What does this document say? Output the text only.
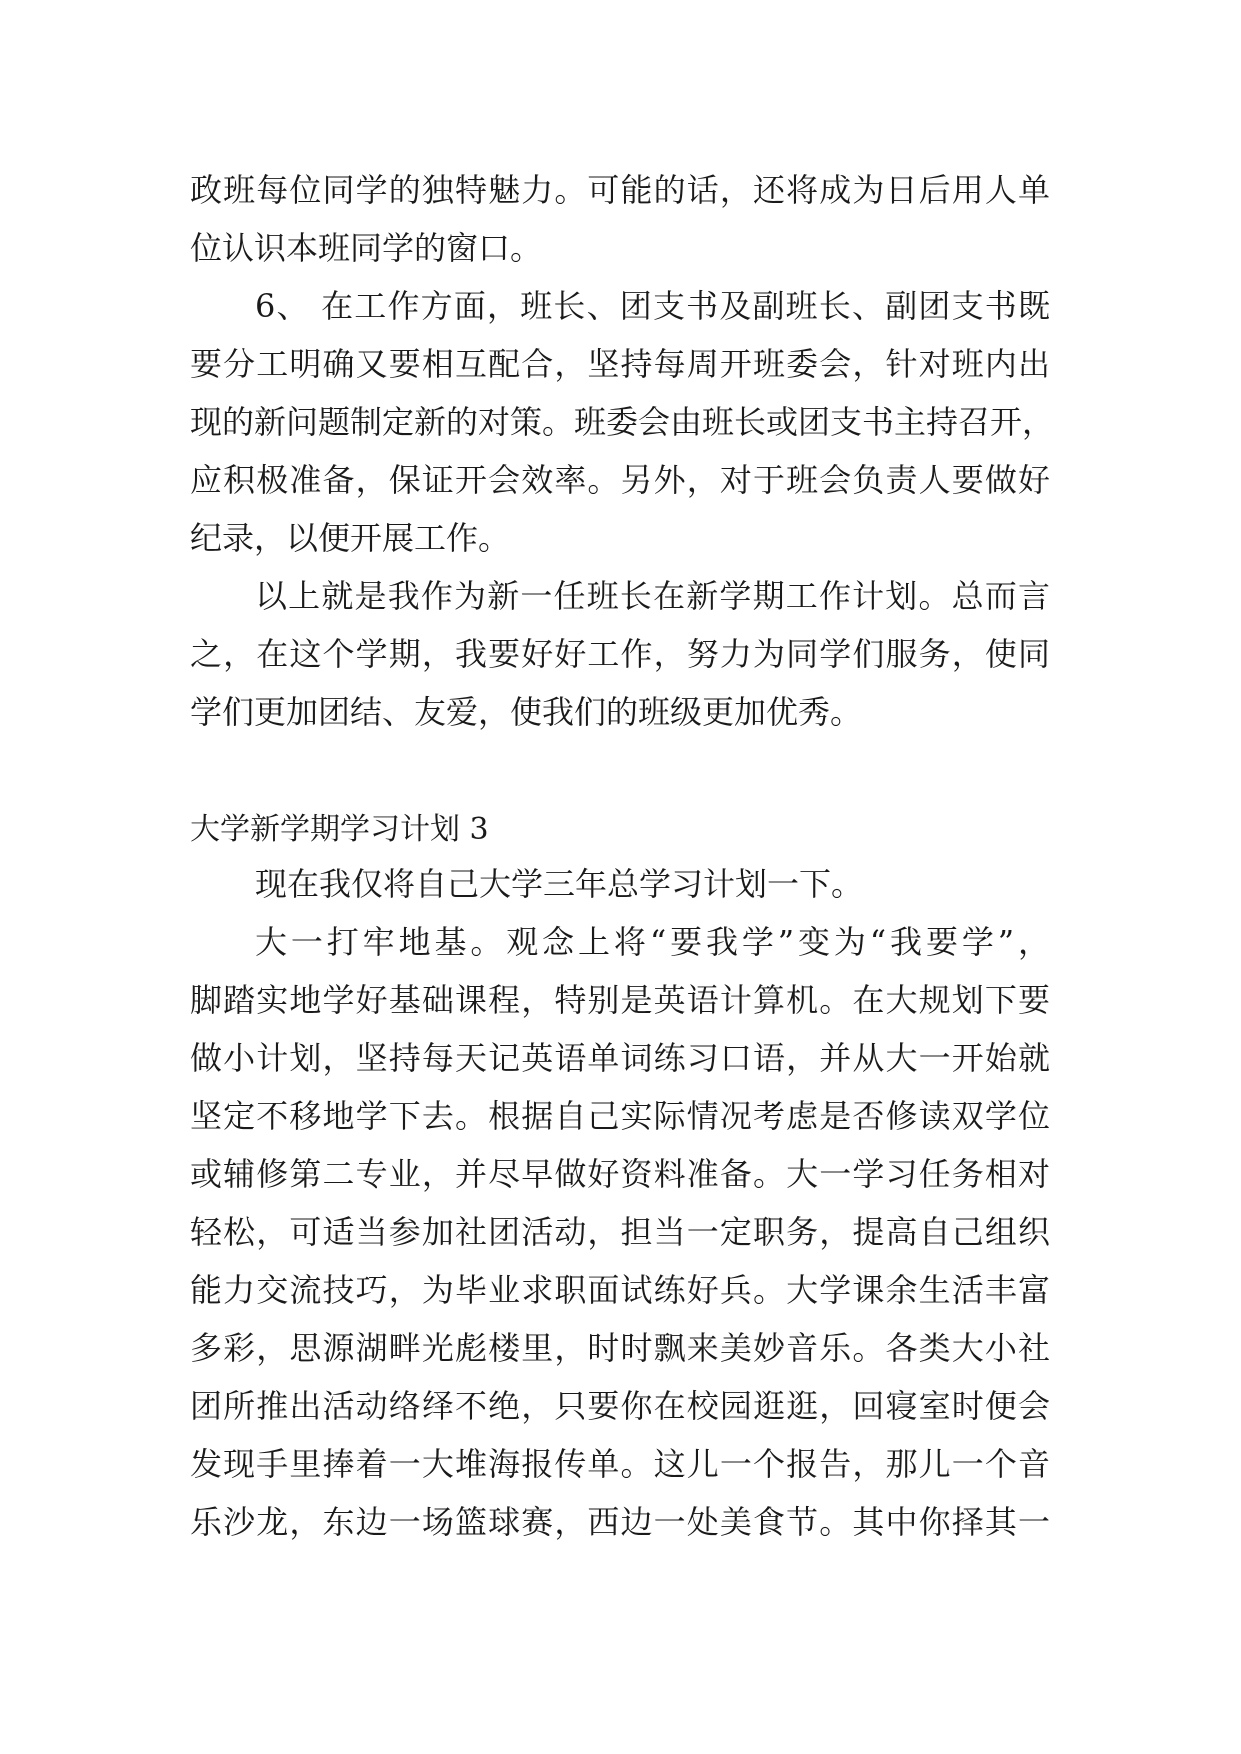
政班每位同学的独特魅力。可能的话，还将成为日后用人单
位认识本班同学的窗口。
6、 在工作方面，班长、团支书及副班长、副团支书既
要分工明确又要相互配合，坚持每周开班委会，针对班内出
现的新问题制定新的对策。班委会由班长或团支书主持召开，
应积极准备，保证开会效率。另外，对于班会负责人要做好
纪录，以便开展工作。
以上就是我作为新一任班长在新学期工作计划。总而言
之，在这个学期，我要好好工作，努力为同学们服务，使同
学们更加团结、友爱，使我们的班级更加优秀。
大学新学期学习计划 3
现在我仅将自己大学三年总学习计划一下。
大一打牢地基。观念上将“要我学”变为“我要学”，
脚踏实地学好基础课程，特别是英语计算机。在大规划下要
做小计划，坚持每天记英语单词练习口语，并从大一开始就
坚定不移地学下去。根据自己实际情况考虑是否修读双学位
或辅修第二专业，并尽早做好资料准备。大一学习任务相对
轻松，可适当参加社团活动，担当一定职务，提高自己组织
能力交流技巧，为毕业求职面试练好兵。大学课余生活丰富
多彩，思源湖畔光彪楼里，时时飘来美妙音乐。各类大小社
团所推出活动络绎不绝，只要你在校园逛逛，回寝室时便会
发现手里捧着一大堆海报传单。这儿一个报告，那儿一个音
乐沙龙，东边一场篮球赛，西边一处美食节。其中你择其一
